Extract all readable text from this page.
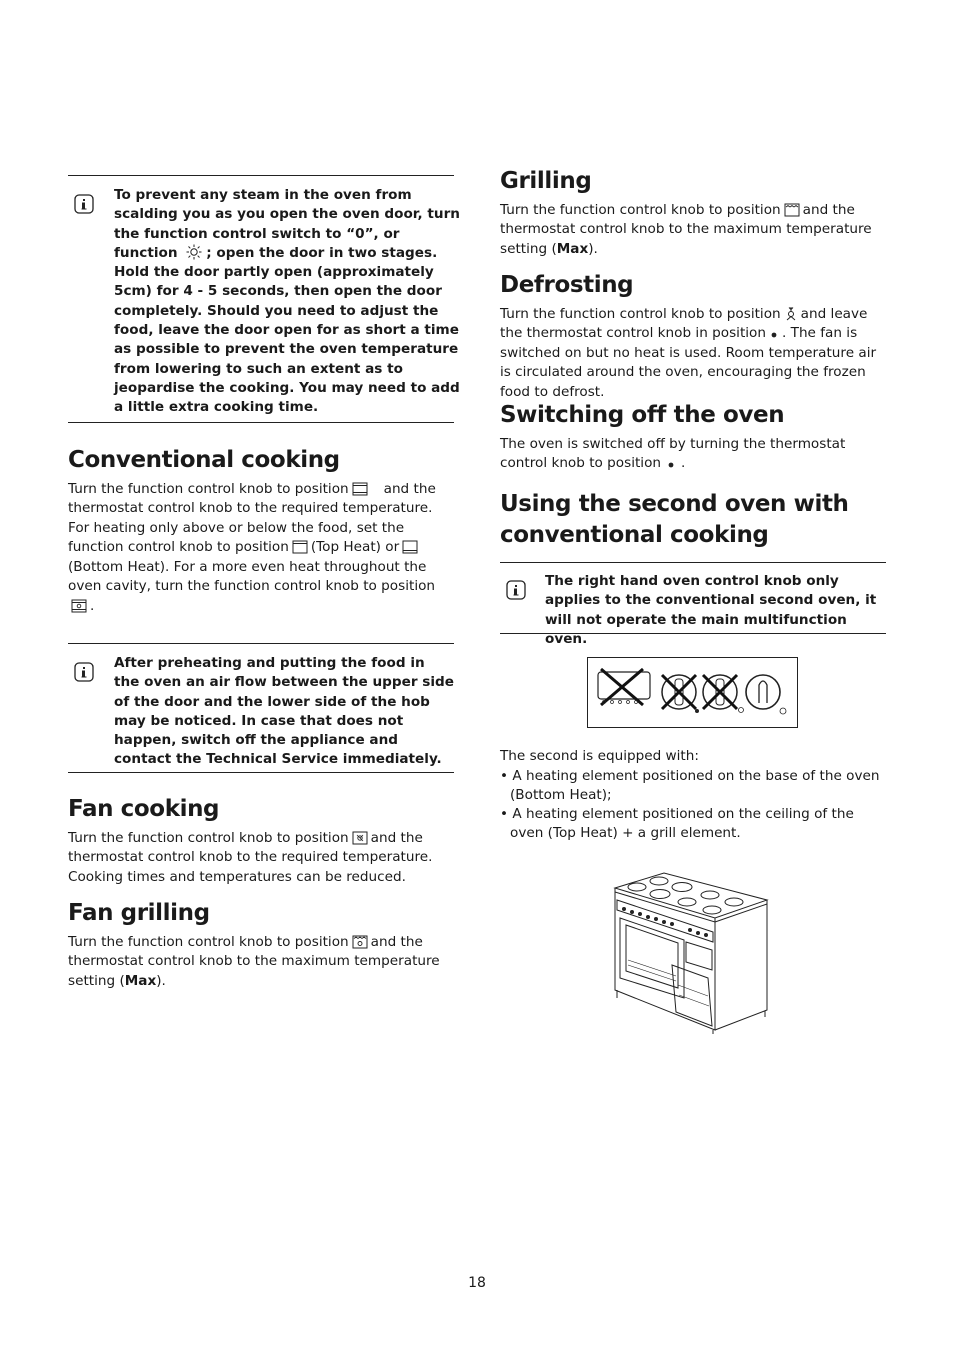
To prevent any steam in the oven from scalding you as you open the oven door, turn the function control switch to “0”, or function ; open the door in two stages. Hold the door partly open (approximately 5cm) for 4 - 5 seconds, then open the door completely. Should you need to adjust the food, leave the door open for as short a time as possible to prevent the oven temperature from lowering to such an extent as to jeopardise the cooking. You may need to add a little extra cooking time.
Conventional cooking

Turn the function control knob to position	and the thermostat control knob to the required temperature. For heating only above or below the food, set the function control knob to position (Top Heat) or(Bottom Heat). For a more even heat throughout the oven cavity, turn the function control knob to position.

After preheating and putting the food in the oven an air flow between the upper side of the door and the lower side of the hob may be noticed. In case that does not happen, switch off the appliance and contact the Technical Service immediately.
Fan cooking

Turn the function control knob to position and the thermostat control knob to the required temperature. Cooking times and temperatures can be reduced.

Fan grilling

Turn the function control knob to position and the thermostat control knob to the maximum temperature setting (Max).

Grilling

Turn the function control knob to position and the thermostat control knob to the maximum temperature setting (Max).

Defrosting

Turn the function control knob to position and leave the thermostat control knob in position . The fan is switched on but no heat is used. Room temperature air is circulated around the oven, encouraging the frozen food to defrost.

Switching off the oven

The oven is switched off by turning the thermostat control knob to position .

Using the second oven with conventional cooking
The right hand oven control knob only applies to the conventional second oven, it will not operate the main multifunction oven.

The second is equipped with:

• A heating element positioned on the base of the oven (Bottom Heat);
• A heating element positioned on the ceiling of the oven (Top Heat) + a grill element.
18
